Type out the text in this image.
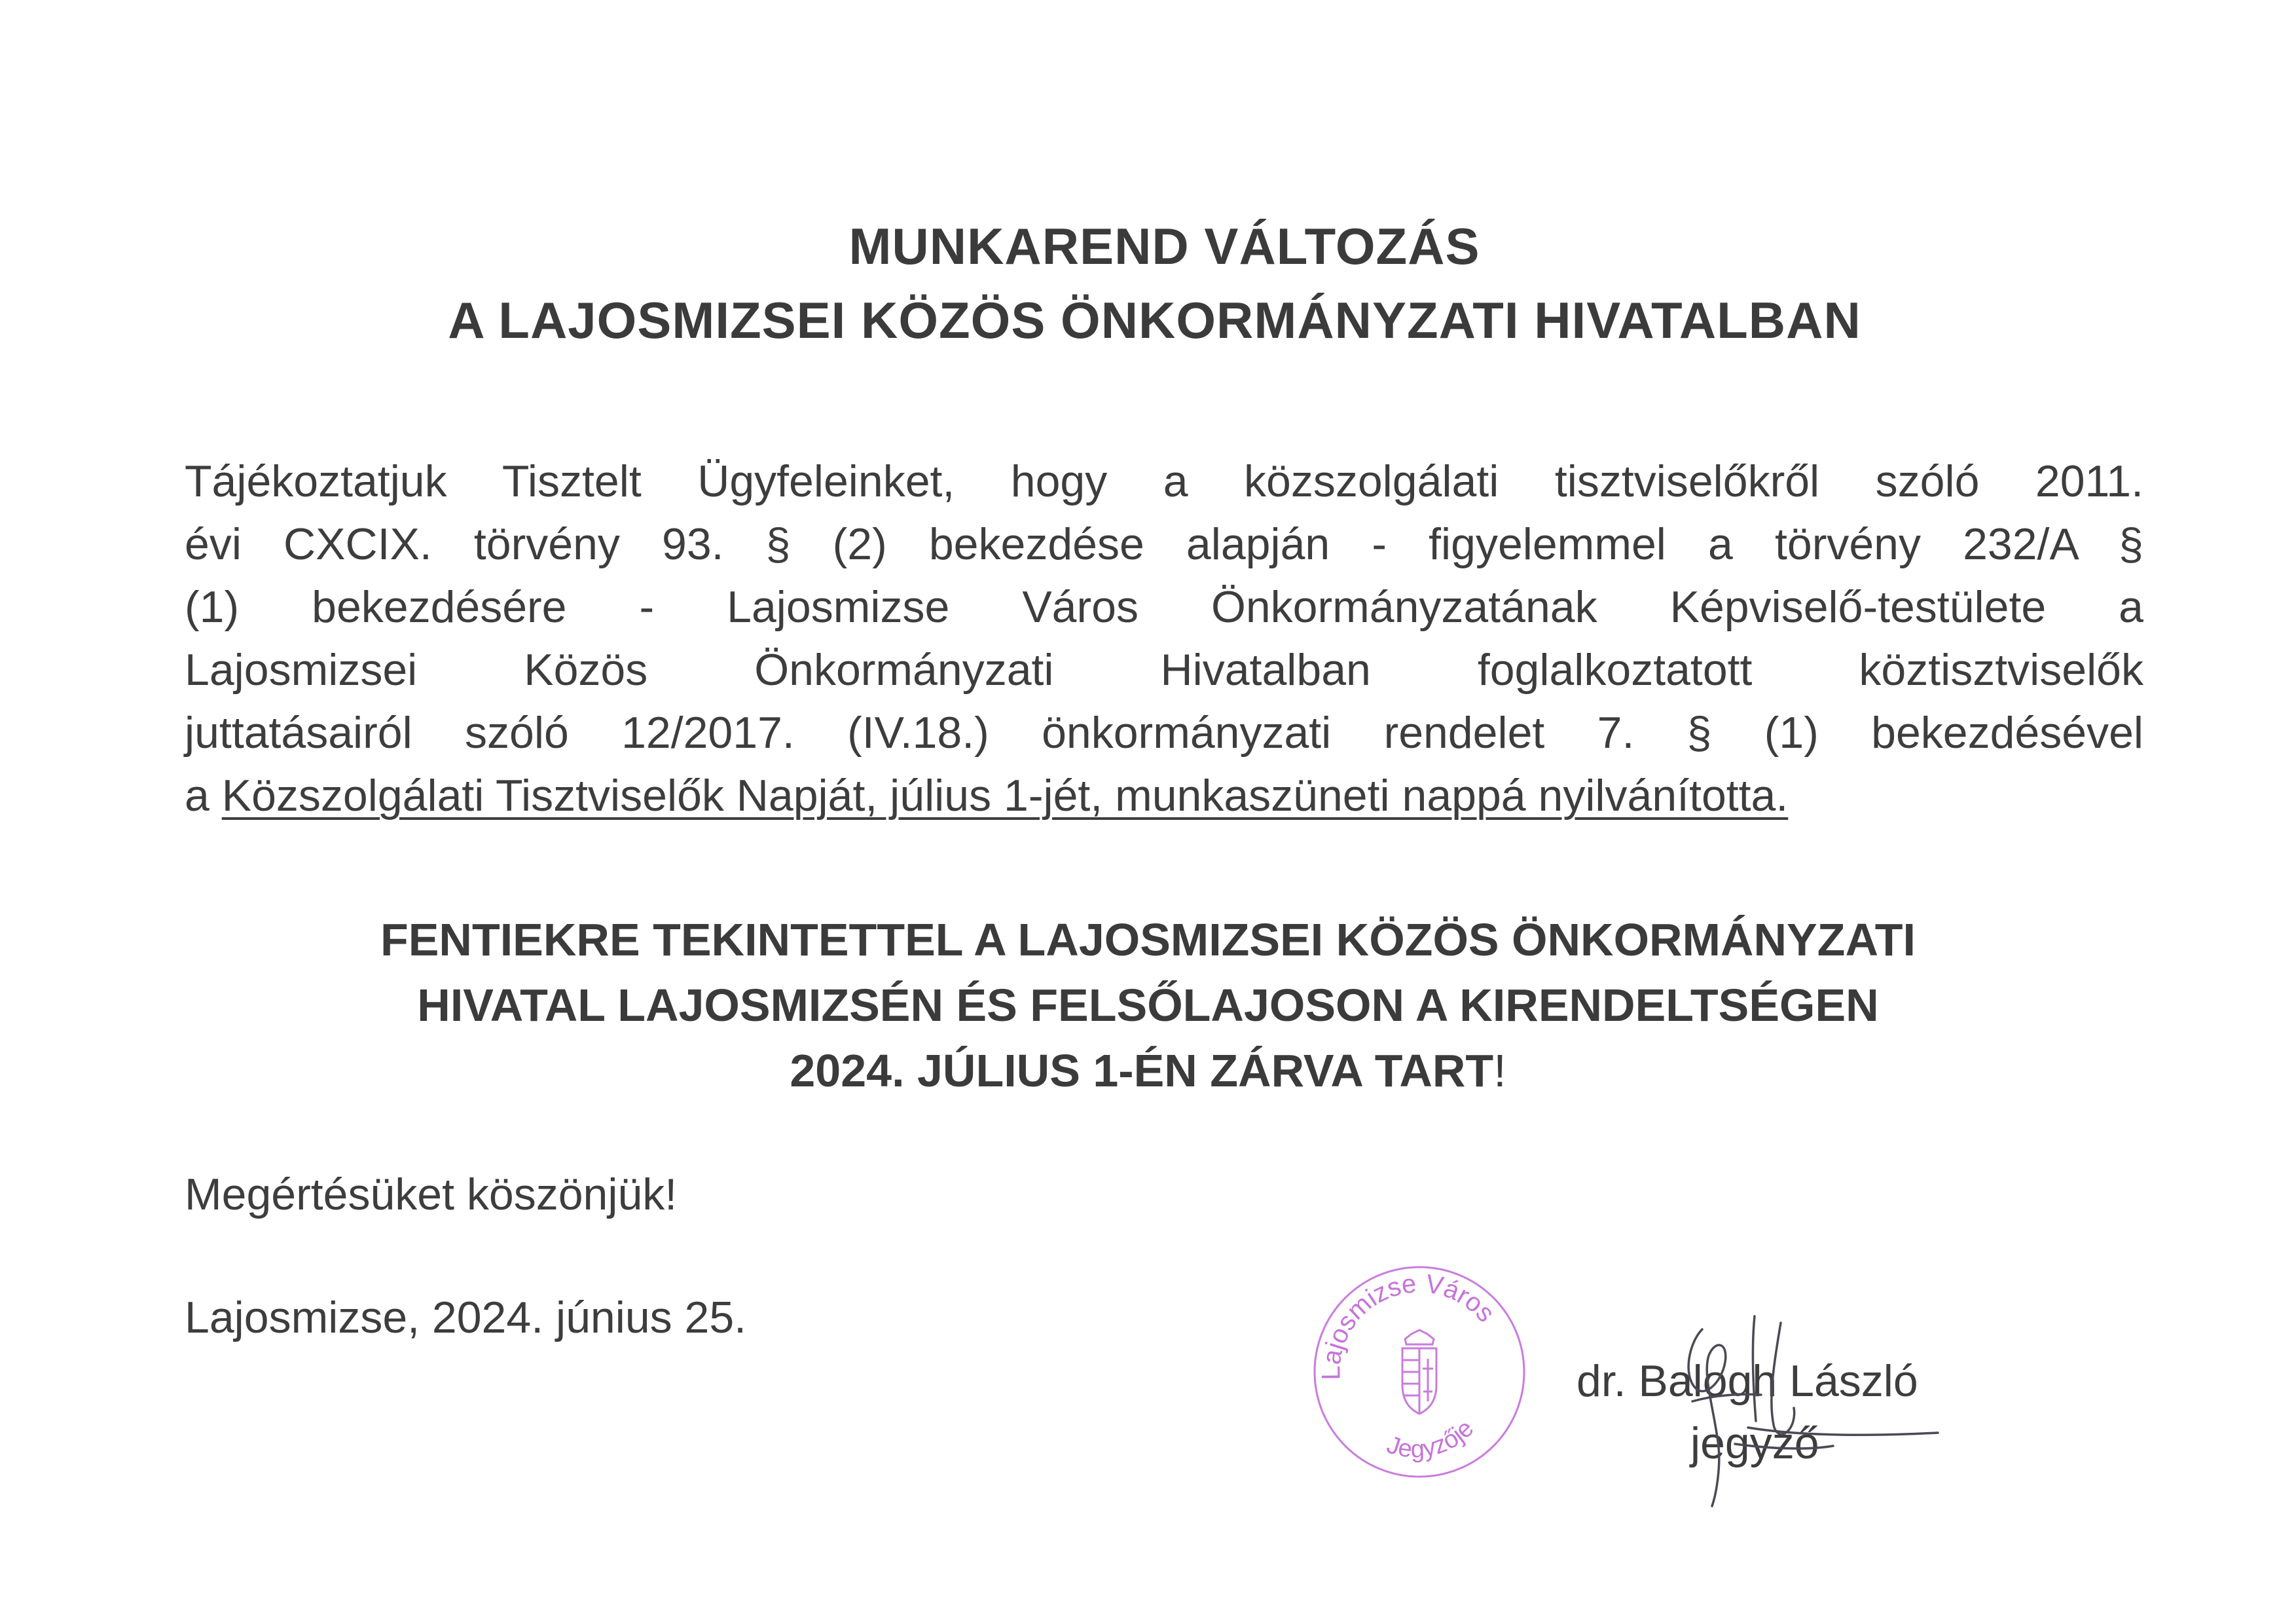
MUNKAREND VÁLTOZÁS
A LAJOSMIZSEI KÖZÖS ÖNKORMÁNYZATI HIVATALBAN
Tájékoztatjuk Tisztelt Ügyfeleinket, hogy a közszolgálati tisztviselőkről szóló 2011.
évi CXCIX. törvény 93. § (2) bekezdése alapján - figyelemmel a törvény 232/A §
(1) bekezdésére - Lajosmizse Város Önkormányzatának Képviselő-testülete a
Lajosmizsei Közös Önkormányzati Hivatalban foglalkoztatott köztisztviselők
juttatásairól szóló 12/2017. (IV.18.) önkormányzati rendelet 7. § (1) bekezdésével
a Közszolgálati Tisztviselők Napját, július 1-jét, munkaszüneti nappá nyilvánította.
FENTIEKRE TEKINTETTEL A LAJOSMIZSEI KÖZÖS ÖNKORMÁNYZATI
HIVATAL LAJOSMIZSÉN ÉS FELSŐLAJOSON A KIRENDELTSÉGEN
2024. JÚLIUS 1-ÉN ZÁRVA TART!
Megértésüket köszönjük!
Lajosmizse, 2024. június 25.
Lajosmizse Város
Jegyzője
dr. Balogh László
jegyző
